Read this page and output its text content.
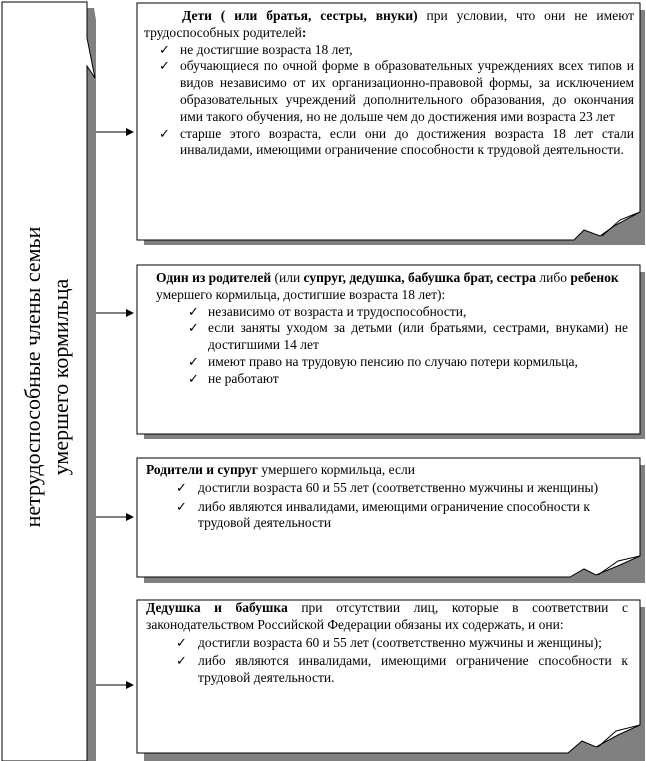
нетрудоспособные члены семьи умершего кормильца

Дети ( или братья, сестры, внуки) при условии, что они не имеют трудоспособных родителей:

✓ не достигшие возраста 18 лет,
✓ обучающиеся по очной форме в образовательных учреждениях всех типов и видов независимо от их организационно-правовой формы, за исключением образовательных учреждений дополнительного образования, до окончания ими такого обучения, но не дольше чем до достижения ими возраста 23 лет
✓ старше этого возраста, если они до достижения возраста 18 лет стали инвалидами, имеющими ограничение способности к трудовой деятельности.

Один из родителей (или супруг, дедушка, бабушка брат, сестра либо ребенок умершего кормильца, достигшие возраста 18 лет):

✓ независимо от возраста и трудоспособности,
✓ если заняты уходом за детьми (или братьями, сестрами, внуками) не достигшими 14 лет
✓ имеют право на трудовую пенсию по случаю потери кормильца,
✓ не работают

Родители и супруг умершего кормильца, если

✓ достигли возраста 60 и 55 лет (соответственно мужчины и женщины)
✓ либо являются инвалидами, имеющими ограничение способности к трудовой деятельности

Дедушка и бабушка при отсутствии лиц, которые в соответствии с законодательством Российской Федерации обязаны их содержать, и они:

✓ достигли возраста 60 и 55 лет (соответственно мужчины и женщины);
✓ либо являются инвалидами, имеющими ограничение способности к трудовой деятельности.
